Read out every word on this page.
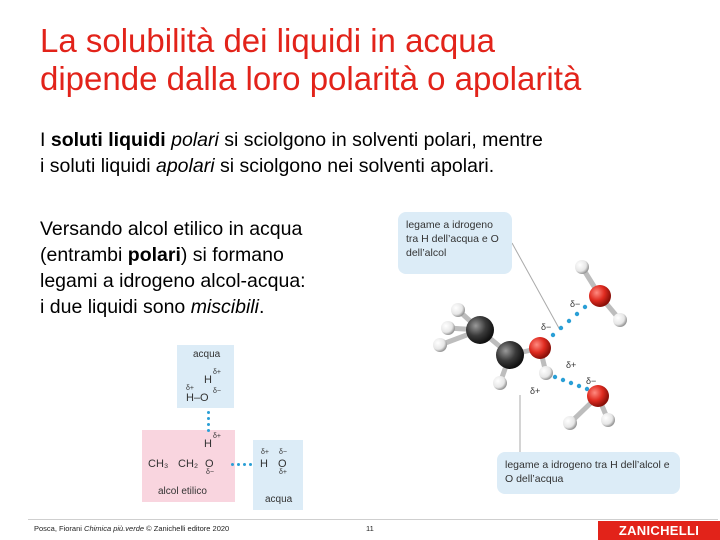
La solubilità dei liquidi in acqua
dipende dalla loro polarità o apolarità
I soluti liquidi polari si sciolgono in solventi polari, mentre
i soluti liquidi apolari si sciolgono nei solventi apolari.
Versando alcol etilico in acqua
(entrambi polari) si formano
legami a idrogeno alcol-acqua:
i due liquidi sono miscibili.
acqua
H
δ+
δ+
H–O
δ−
H
δ+
CH₃ CH₂ O
δ−
alcol etilico
δ+ δ−
H O
δ+
acqua
δ−
δ−
δ+
δ−
δ+
legame a idrogeno tra H dell’acqua e O dell’alcol
legame a idrogeno tra H dell’alcol e O dell’acqua
Posca, Fiorani Chimica più.verde © Zanichelli editore 2020	11	ZANICHELLI
